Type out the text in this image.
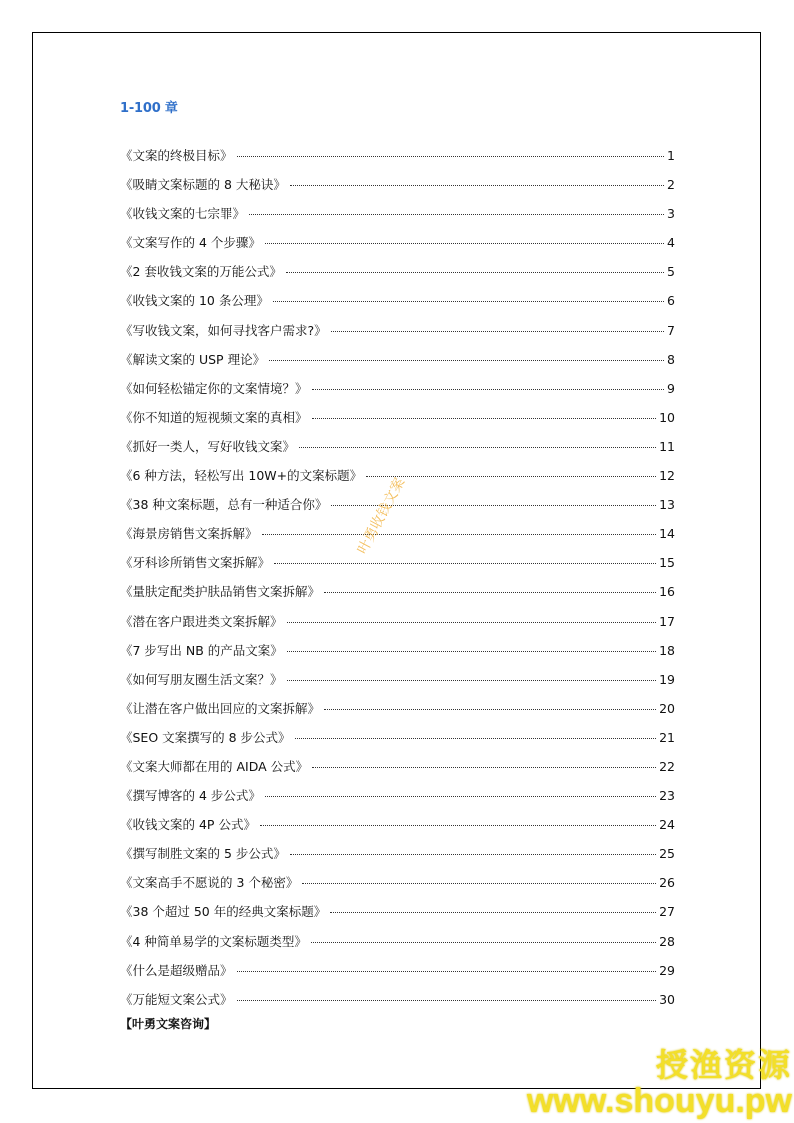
1-100 章
《文案的终极目标》	1
《吸睛文案标题的 8 大秘诀》	2
《收钱文案的七宗罪》	3
《文案写作的 4 个步骤》	4
《2 套收钱文案的万能公式》	5
《收钱文案的 10 条公理》	6
《写收钱文案，如何寻找客户需求?》	7
《解读文案的 USP 理论》	8
《如何轻松锚定你的文案情境？》	9
《你不知道的短视频文案的真相》	10
《抓好一类人，写好收钱文案》	11
《6 种方法，轻松写出 10W+的文案标题》	12
《38 种文案标题，总有一种适合你》	13
《海景房销售文案拆解》	14
《牙科诊所销售文案拆解》	15
《量肤定配类护肤品销售文案拆解》	16
《潜在客户跟进类文案拆解》	17
《7 步写出 NB 的产品文案》	18
《如何写朋友圈生活文案？》	19
《让潜在客户做出回应的文案拆解》	20
《SEO 文案撰写的 8 步公式》	21
《文案大师都在用的 AIDA 公式》	22
《撰写博客的 4 步公式》	23
《收钱文案的 4P 公式》	24
《撰写制胜文案的 5 步公式》	25
《文案高手不愿说的 3 个秘密》	26
《38 个超过 50 年的经典文案标题》	27
《4 种简单易学的文案标题类型》	28
《什么是超级赠品》	29
《万能短文案公式》	30
【叶勇文案咨询】
叶勇收钱文案
授渔资源
www.shouyu.pw
